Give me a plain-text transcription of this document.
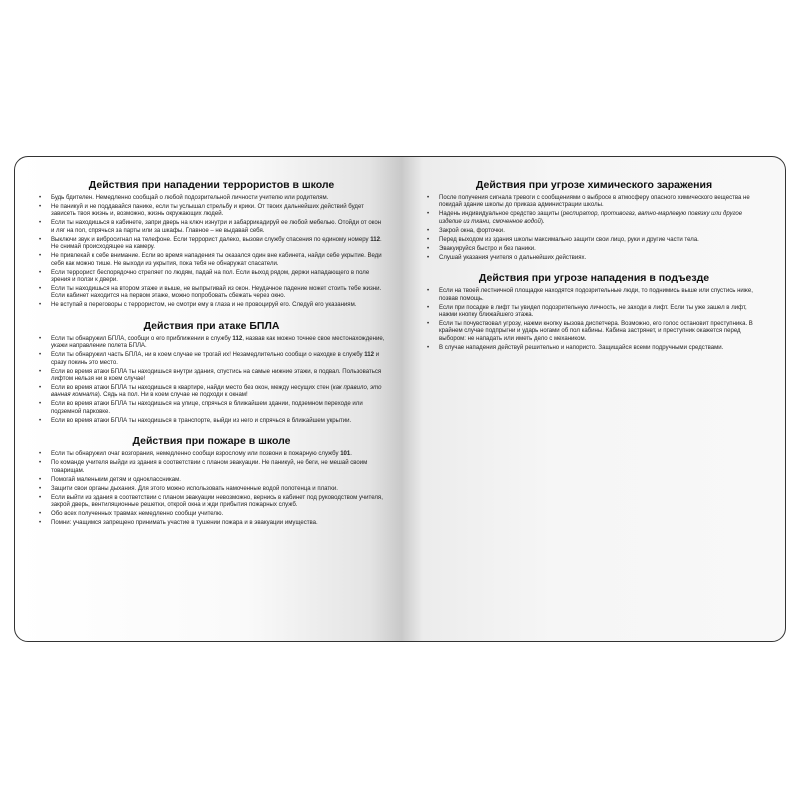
Действия при нападении террористов в школе
• Будь бдителен. Немедленно сообщай о любой подозрительной личности учителю или родителям.
• Не паникуй и не поддавайся панике, если ты услышал стрельбу и крики. От твоих дальнейших действий будет зависеть твоя жизнь и, возможно, жизнь окружающих людей.
• Если ты находишься в кабинете, запри дверь на ключ изнутри и забаррикадируй ее любой мебелью. Отойди от окон и ляг на пол, спрячься за парты или за шкафы. Главное – не выдавай себя.
• Выключи звук и вибросигнал на телефоне. Если террорист далеко, вызови службу спасения по единому номеру 112. Не снимай происходящее на камеру.
• Не привлекай к себе внимание. Если во время нападения ты оказался один вне кабинета, найди себе укрытие. Веди себя как можно тише. Не выходи из укрытия, пока тебя не обнаружат спасатели.
• Если террорист беспорядочно стреляет по людям, падай на пол. Если выход рядом, держи нападающего в поле зрения и ползи к двери.
• Если ты находишься на втором этаже и выше, не выпрыгивай из окон. Неудачное падение может стоить тебе жизни. Если кабинет находится на первом этаже, можно попробовать сбежать через окно.
• Не вступай в переговоры с террористом, не смотри ему в глаза и не провоцируй его. Следуй его указаниям.
Действия при атаке БПЛА
• Если ты обнаружил БПЛА, сообщи о его приближении в службу 112, назвав как можно точнее свое местонахождение, укажи направление полета БПЛА.
• Если ты обнаружил часть БПЛА, ни в коем случае не трогай их! Незамедлительно сообщи о находке в службу 112 и сразу покинь это место.
• Если во время атаки БПЛА ты находишься внутри здания, спустись на самые нижние этажи, в подвал. Пользоваться лифтом нельзя ни в коем случае!
• Если во время атаки БПЛА ты находишься в квартире, найди место без окон, между несущих стен (как правило, это ванная комната). Сядь на пол. Ни в коем случае не подходи к окнам!
• Если во время атаки БПЛА ты находишься на улице, спрячься в ближайшем здании, подземном переходе или подземной парковке.
• Если во время атаки БПЛА ты находишься в транспорте, выйди из него и спрячься в ближайшем укрытии.
Действия при пожаре в школе
• Если ты обнаружил очаг возгорания, немедленно сообщи взрослому или позвони в пожарную службу 101.
• По команде учителя выйди из здания в соответствии с планом эвакуации. Не паникуй, не беги, не мешай своим товарищам.
• Помогай маленьким детям и одноклассникам.
• Защити свои органы дыхания. Для этого можно использовать намоченные водой полотенца и платки.
• Если выйти из здания в соответствии с планом эвакуации невозможно, вернись в кабинет под руководством учителя, закрой дверь, вентиляционные решетки, открой окна и жди прибытия пожарных служб.
• Обо всех полученных травмах немедленно сообщи учителю.
• Помни: учащимся запрещено принимать участие в тушении пожара и в эвакуации имущества.
Действия при угрозе химического заражения
• После получения сигнала тревоги с сообщениями о выбросе в атмосферу опасного химического вещества не покидай здание школы до приказа администрации школы.
• Надень индивидуальное средство защиты (респиратор, противогаз, ватно-марлевую повязку или другое изделие из ткани, смоченное водой).
• Закрой окна, форточки.
• Перед выходом из здания школы максимально защити свои лицо, руки и другие части тела.
• Эвакуируйся быстро и без паники.
• Слушай указания учителя о дальнейших действиях.
Действия при угрозе нападения в подъезде
• Если на твоей лестничной площадке находятся подозрительные люди, то поднимись выше или спустись ниже, позвав помощь.
• Если при посадке в лифт ты увидел подозрительную личность, не заходи в лифт. Если ты уже зашел в лифт, нажми кнопку ближайшего этажа.
• Если ты почувствовал угрозу, нажми кнопку вызова диспетчера. Возможно, его голос остановит преступника. В крайнем случае подпрыгни и ударь ногами об пол кабины. Кабина застрянет, и преступник окажется перед выбором: не нападать или иметь дело с механиком.
• В случае нападения действуй решительно и напористо. Защищайся всеми подручными средствами.
